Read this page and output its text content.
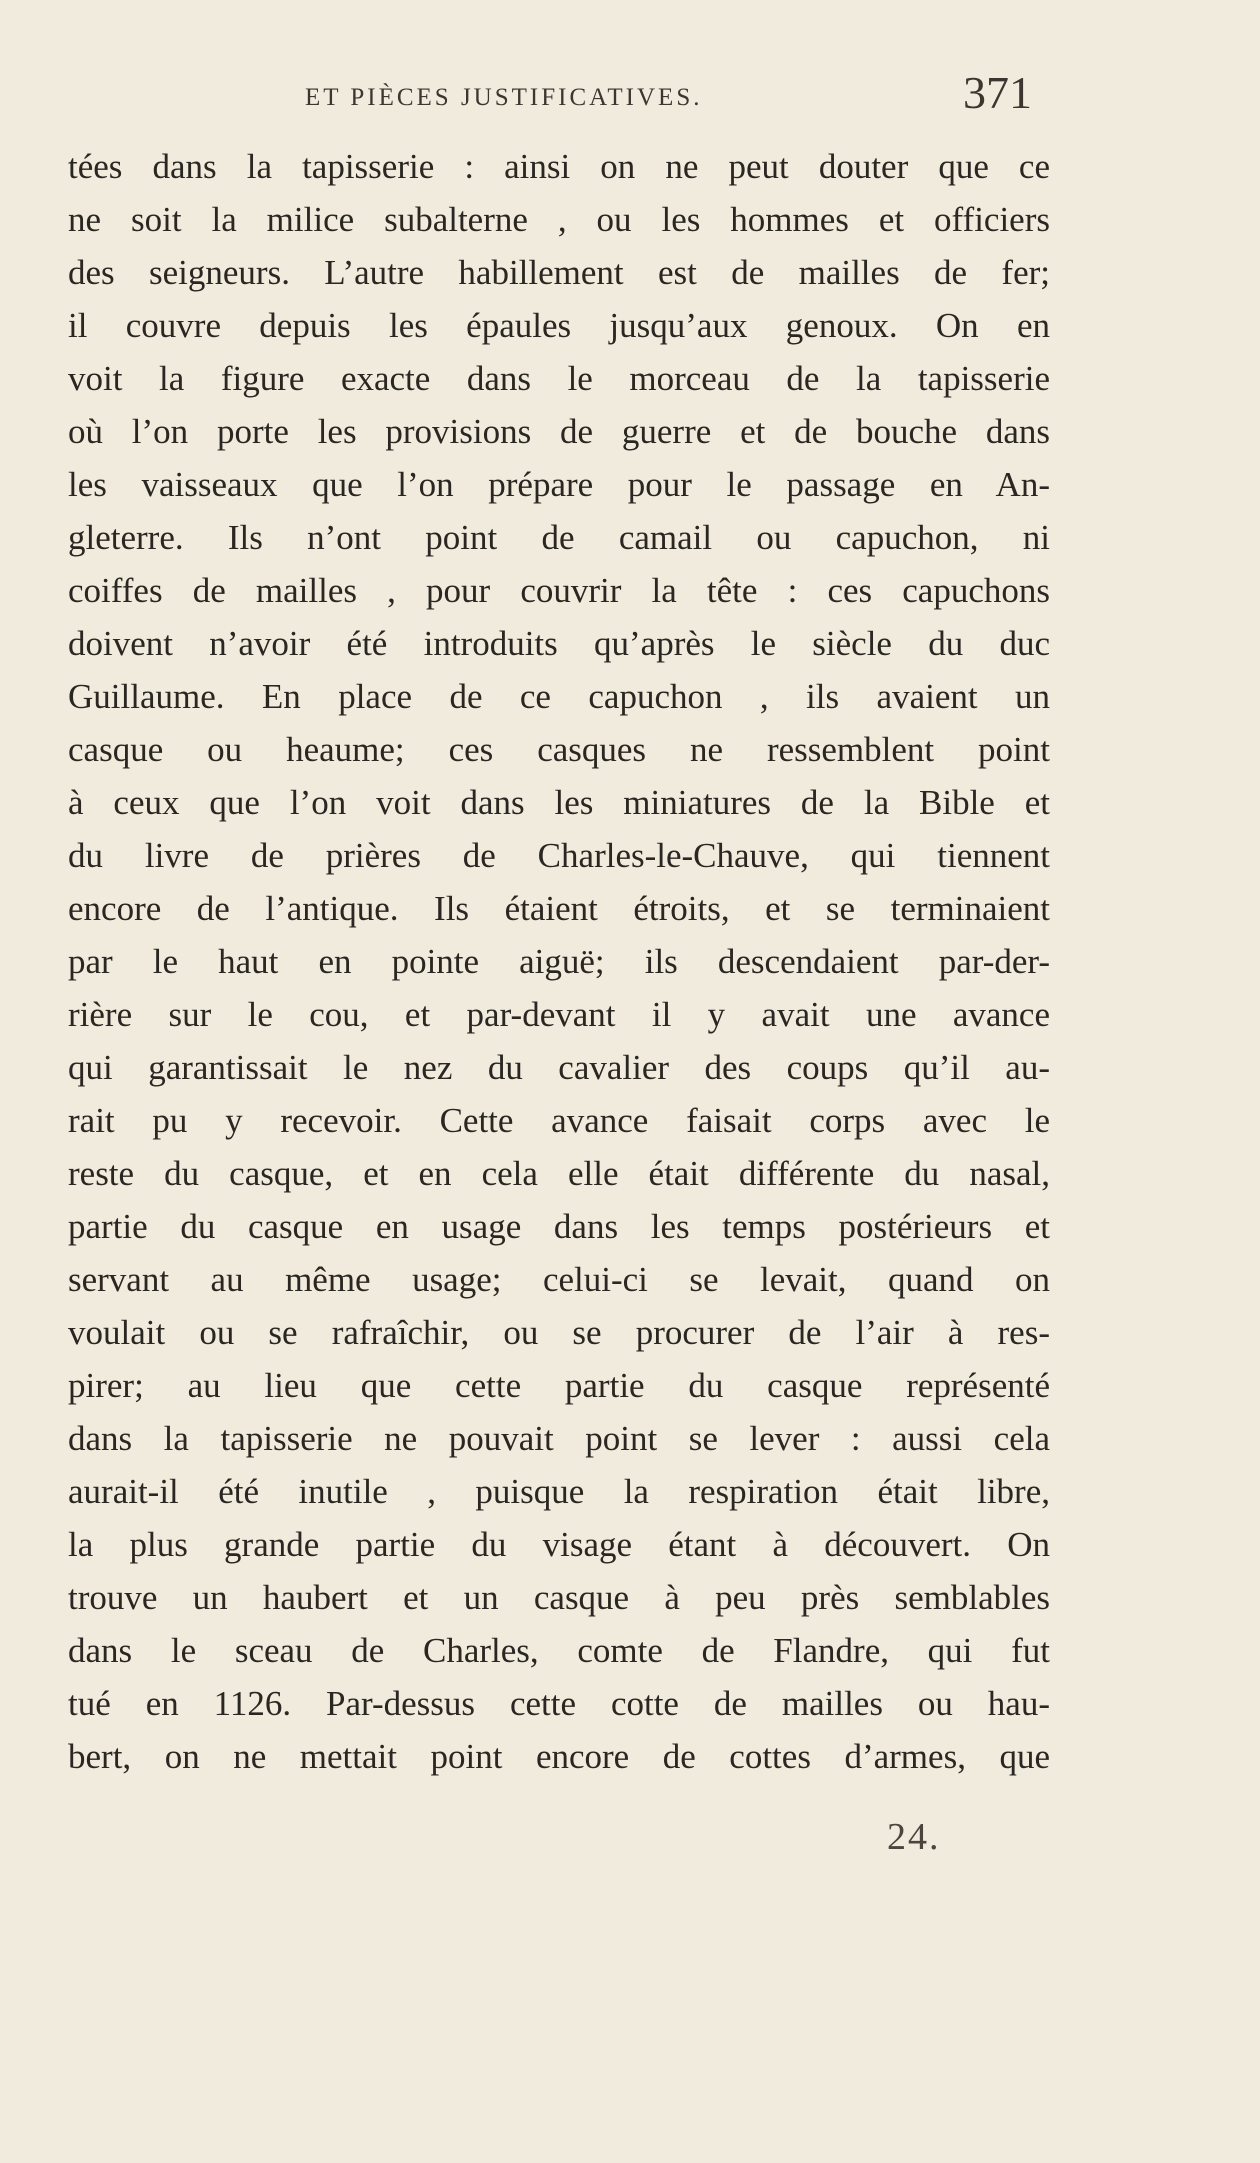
ET PIÈCES JUSTIFICATIVES.	371
tées dans la tapisserie : ainsi on ne peut douter que ce
ne soit la milice subalterne , ou les hommes et officiers
des seigneurs. L’autre habillement est de mailles de fer;
il couvre depuis les épaules jusqu’aux genoux. On en
voit la figure exacte dans le morceau de la tapisserie
où l’on porte les provisions de guerre et de bouche dans
les vaisseaux que l’on prépare pour le passage en An-
gleterre. Ils n’ont point de camail ou capuchon, ni
coiffes de mailles , pour couvrir la tête : ces capuchons
doivent n’avoir été introduits qu’après le siècle du duc
Guillaume. En place de ce capuchon , ils avaient un
casque ou heaume; ces casques ne ressemblent point
à ceux que l’on voit dans les miniatures de la Bible et
du livre de prières de Charles-le-Chauve, qui tiennent
encore de l’antique. Ils étaient étroits, et se terminaient
par le haut en pointe aiguë; ils descendaient par-der-
rière sur le cou, et par-devant il y avait une avance
qui garantissait le nez du cavalier des coups qu’il au-
rait pu y recevoir. Cette avance faisait corps avec le
reste du casque, et en cela elle était différente du nasal,
partie du casque en usage dans les temps postérieurs et
servant au même usage; celui-ci se levait, quand on
voulait ou se rafraîchir, ou se procurer de l’air à res-
pirer; au lieu que cette partie du casque représenté
dans la tapisserie ne pouvait point se lever : aussi cela
aurait-il été inutile , puisque la respiration était libre,
la plus grande partie du visage étant à découvert. On
trouve un haubert et un casque à peu près semblables
dans le sceau de Charles, comte de Flandre, qui fut
tué en 1126. Par-dessus cette cotte de mailles ou hau-
bert, on ne mettait point encore de cottes d’armes, que
24.
